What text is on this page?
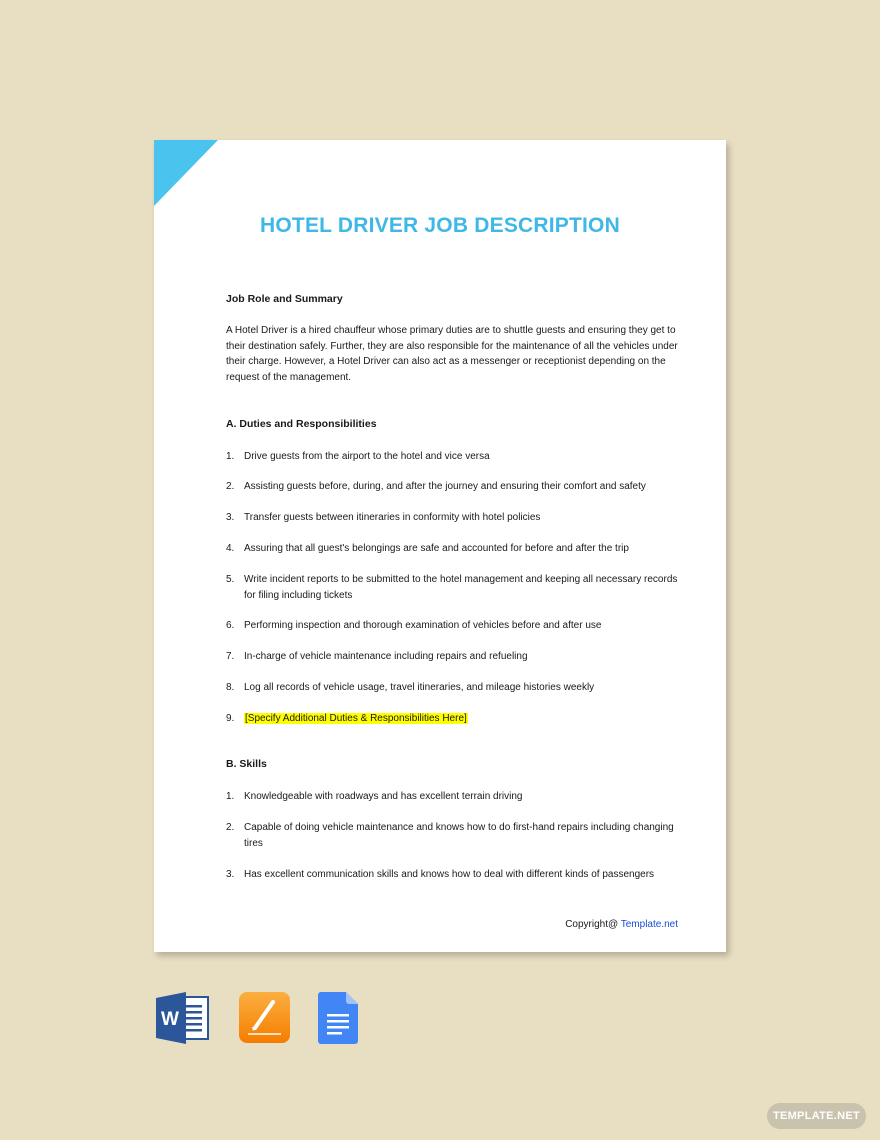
HOTEL DRIVER JOB DESCRIPTION
Job Role and Summary
A Hotel Driver is a hired chauffeur whose primary duties are to shuttle guests and ensuring they get to their destination safely. Further, they are also responsible for the maintenance of all the vehicles under their charge. However, a Hotel Driver can also act as a messenger or receptionist depending on the request of the management.
A. Duties and Responsibilities
1. Drive guests from the airport to the hotel and vice versa
2. Assisting guests before, during, and after the journey and ensuring their comfort and safety
3. Transfer guests between itineraries in conformity with hotel policies
4. Assuring that all guest's belongings are safe and accounted for before and after the trip
5. Write incident reports to be submitted to the hotel management and keeping all necessary records for filing including tickets
6. Performing inspection and thorough examination of vehicles before and after use
7. In-charge of vehicle maintenance including repairs and refueling
8. Log all records of vehicle usage, travel itineraries, and mileage histories weekly
9.	[Specify Additional Duties & Responsibilities Here]
B. Skills
1. Knowledgeable with roadways and has excellent terrain driving
2. Capable of doing vehicle maintenance and knows how to do first-hand repairs including changing tires
3. Has excellent communication skills and knows how to deal with different kinds of passengers
Copyright@ Template.net
W
TEMPLATE.NET
